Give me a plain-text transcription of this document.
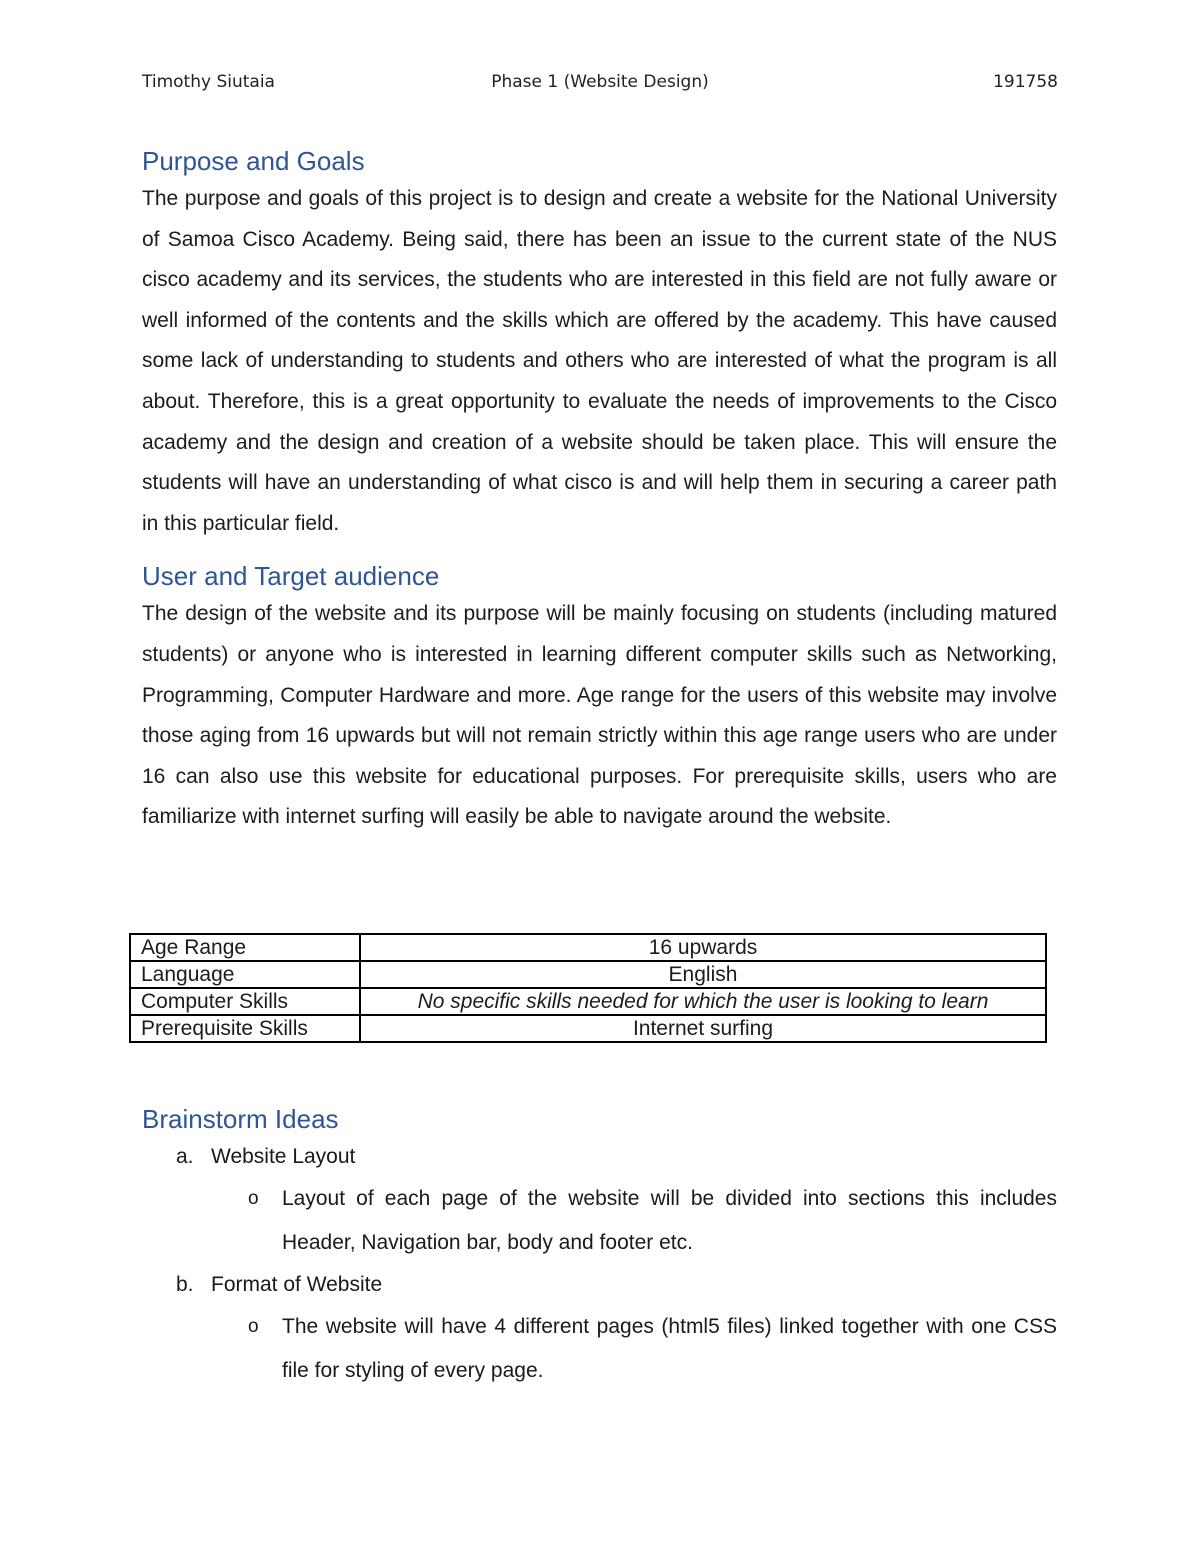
Timothy Siutaia	Phase 1 (Website Design)	191758
Purpose and Goals

The purpose and goals of this project is to design and create a website for the National University of Samoa Cisco Academy. Being said, there has been an issue to the current state of the NUS cisco academy and its services, the students who are interested in this field are not fully aware or well informed of the contents and the skills which are offered by the academy. This have caused some lack of understanding to students and others who are interested of what the program is all about. Therefore, this is a great opportunity to evaluate the needs of improvements to the Cisco academy and the design and creation of a website should be taken place. This will ensure the students will have an understanding of what cisco is and will help them in securing a career path in this particular field.

User and Target audience

The design of the website and its purpose will be mainly focusing on students (including matured students) or anyone who is interested in learning different computer skills such as Networking, Programming, Computer Hardware and more. Age range for the users of this website may involve those aging from 16 upwards but will not remain strictly within this age range users who are under 16 can also use this website for educational purposes. For prerequisite skills, users who are familiarize with internet surfing will easily be able to navigate around the website.

Age Range	16 upwards
Language	English
Computer Skills	No specific skills needed for which the user is looking to learn
Prerequisite Skills	Internet surfing
Brainstorm Ideas
a. Website Layout
o Layout of each page of the website will be divided into sections this includes Header, Navigation bar, body and footer etc.
b. Format of Website
o The website will have 4 different pages (html5 files) linked together with one CSS file for styling of every page.
